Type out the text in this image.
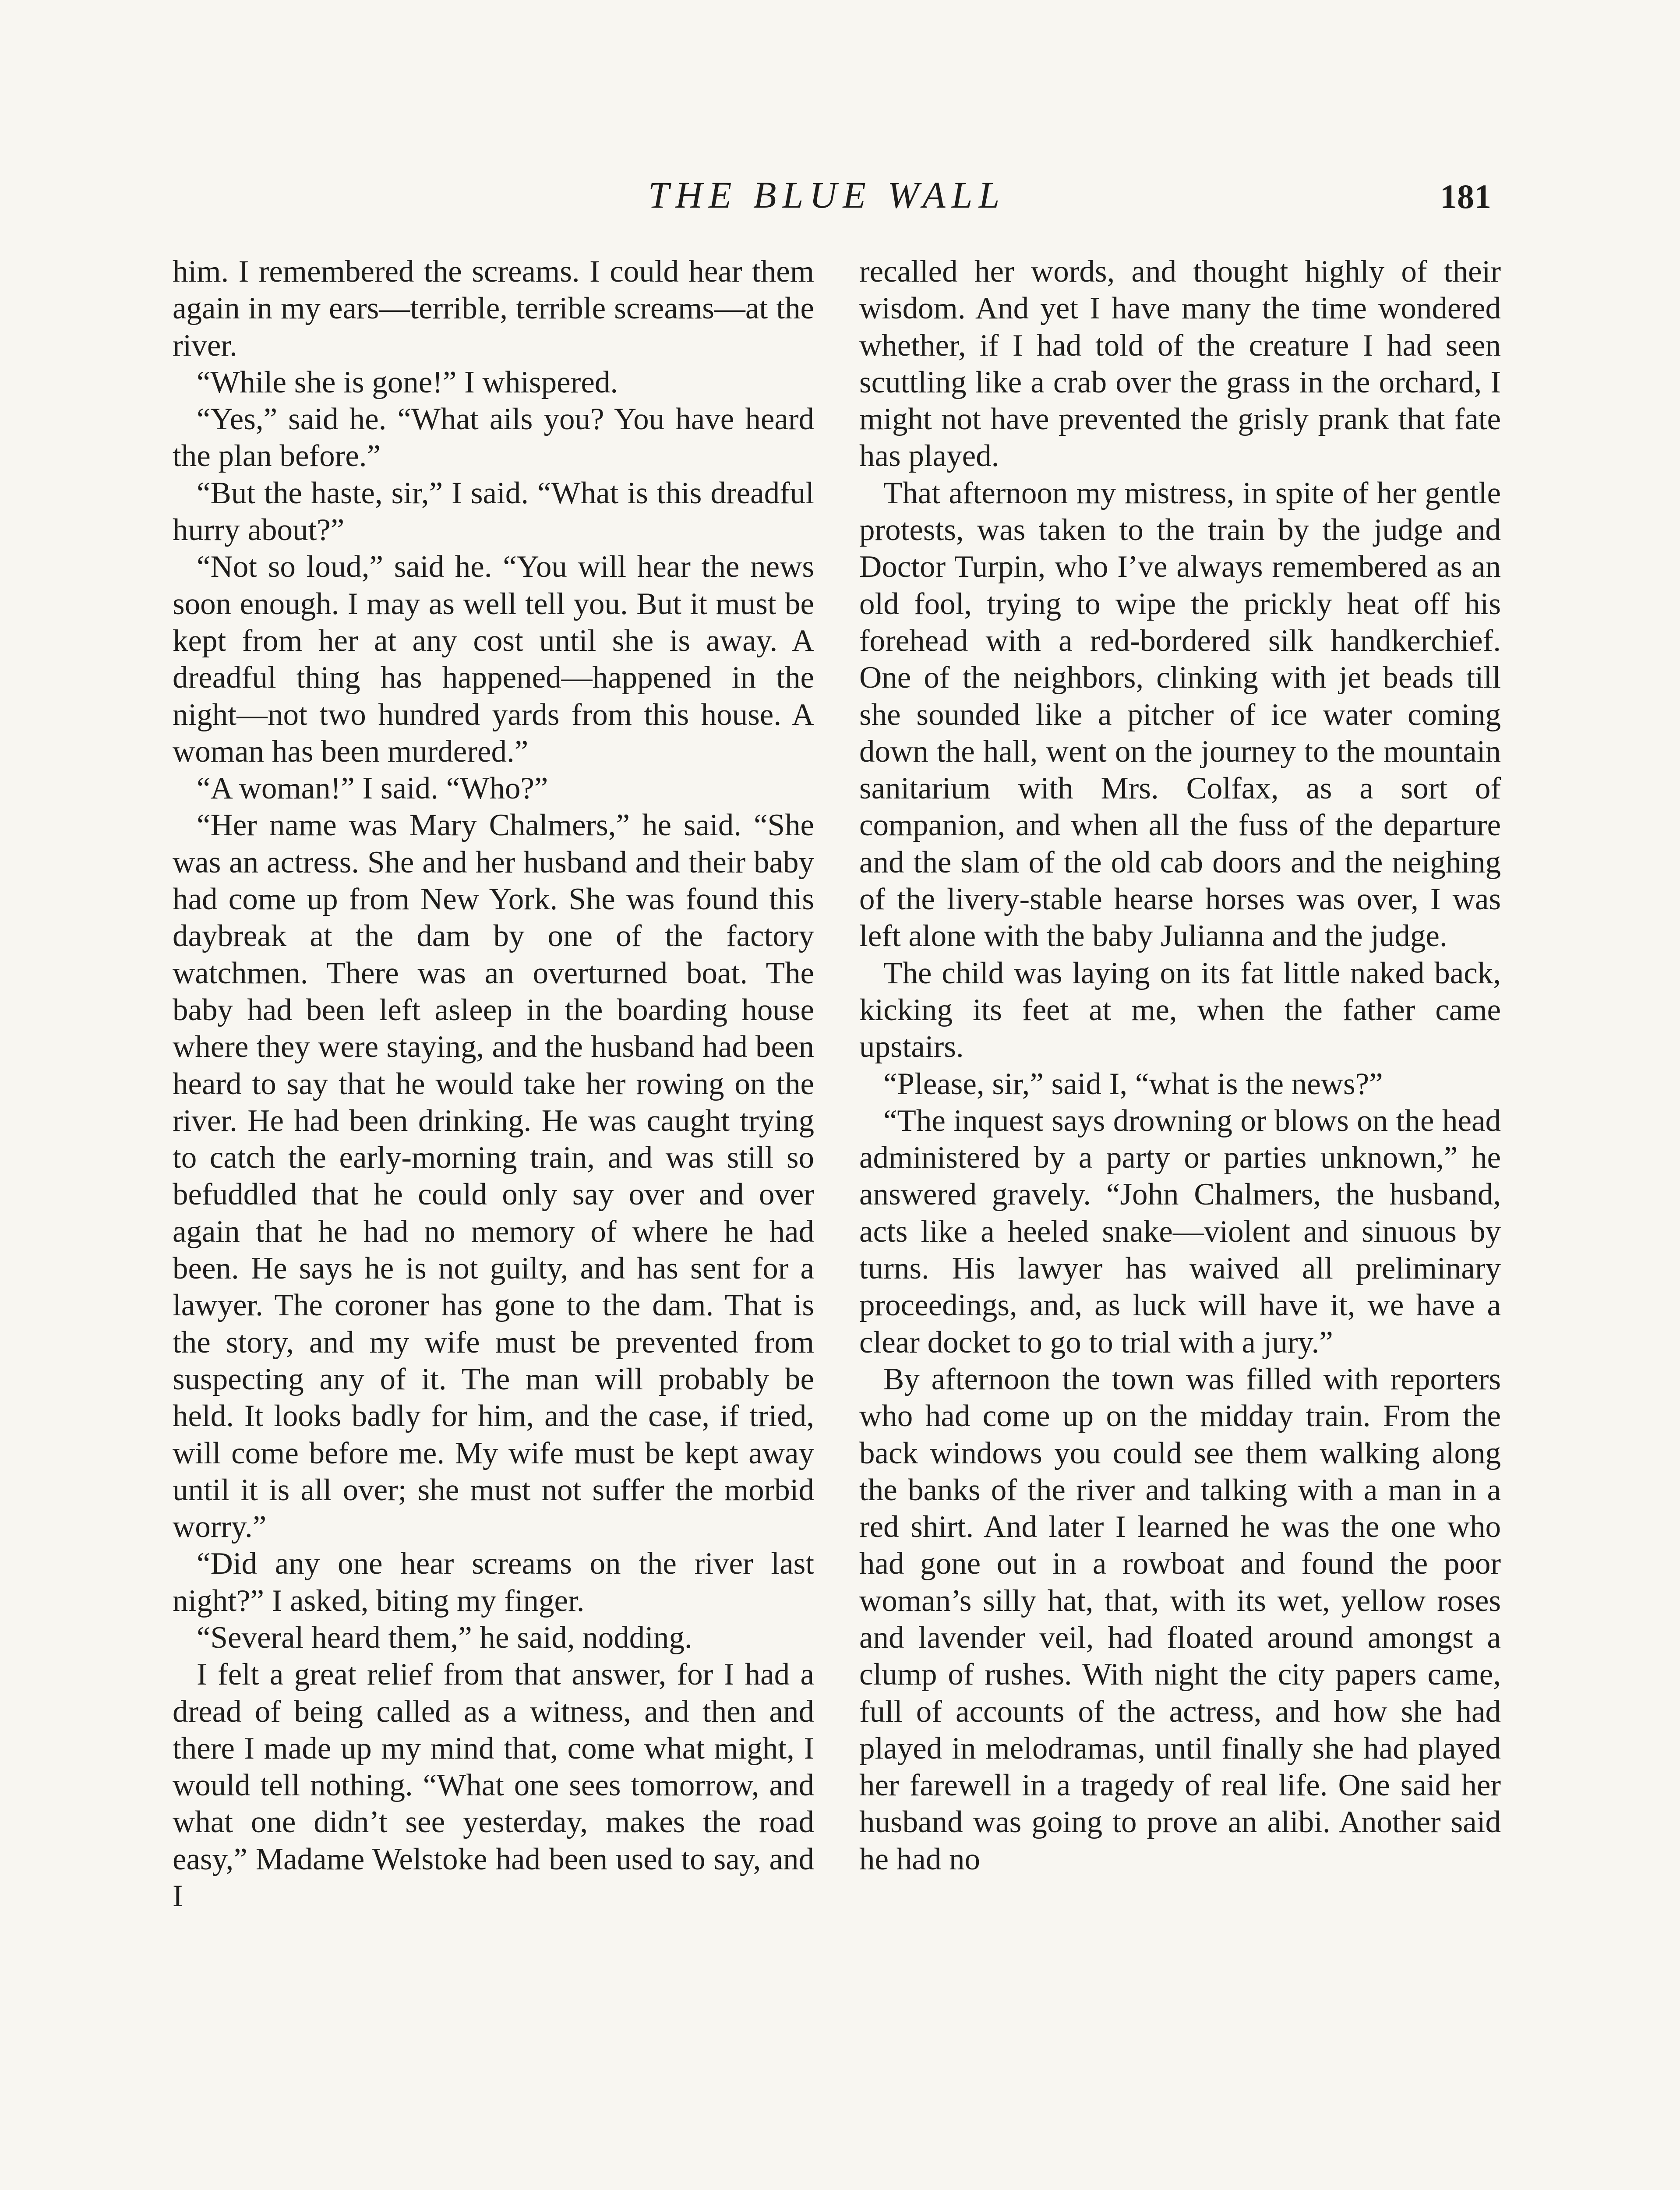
THE BLUE WALL	181

him. I remembered the screams. I could hear them again in my ears—terrible, terrible screams—at the river.

“While she is gone!” I whispered.

“Yes,” said he. “What ails you? You have heard the plan before.”

“But the haste, sir,” I said. “What is this dreadful hurry about?”

“Not so loud,” said he. “You will hear the news soon enough. I may as well tell you. But it must be kept from her at any cost until she is away. A dreadful thing has happened—happened in the night—not two hundred yards from this house. A woman has been murdered.”

“A woman!” I said. “Who?”

“Her name was Mary Chalmers,” he said. “She was an actress. She and her husband and their baby had come up from New York. She was found this daybreak at the dam by one of the factory watchmen. There was an overturned boat. The baby had been left asleep in the boarding house where they were staying, and the husband had been heard to say that he would take her rowing on the river. He had been drinking. He was caught trying to catch the early-morning train, and was still so befuddled that he could only say over and over again that he had no memory of where he had been. He says he is not guilty, and has sent for a lawyer. The coroner has gone to the dam. That is the story, and my wife must be prevented from suspecting any of it. The man will probably be held. It looks badly for him, and the case, if tried, will come before me. My wife must be kept away until it is all over; she must not suffer the morbid worry.”

“Did any one hear screams on the river last night?” I asked, biting my finger.

“Several heard them,” he said, nodding.

I felt a great relief from that answer, for I had a dread of being called as a witness, and then and there I made up my mind that, come what might, I would tell nothing. “What one sees tomorrow, and what one didn’t see yesterday, makes the road easy,” Madame Welstoke had been used to say, and I

recalled her words, and thought highly of their wisdom. And yet I have many the time wondered whether, if I had told of the creature I had seen scuttling like a crab over the grass in the orchard, I might not have prevented the grisly prank that fate has played.

That afternoon my mistress, in spite of her gentle protests, was taken to the train by the judge and Doctor Turpin, who I’ve always remembered as an old fool, trying to wipe the prickly heat off his forehead with a red-bordered silk handkerchief. One of the neighbors, clinking with jet beads till she sounded like a pitcher of ice water coming down the hall, went on the journey to the mountain sanitarium with Mrs. Colfax, as a sort of companion, and when all the fuss of the departure and the slam of the old cab doors and the neighing of the livery-stable hearse horses was over, I was left alone with the baby Julianna and the judge.

The child was laying on its fat little naked back, kicking its feet at me, when the father came upstairs.

“Please, sir,” said I, “what is the news?”

“The inquest says drowning or blows on the head administered by a party or parties unknown,” he answered gravely. “John Chalmers, the husband, acts like a heeled snake—violent and sinuous by turns. His lawyer has waived all preliminary proceedings, and, as luck will have it, we have a clear docket to go to trial with a jury.”

By afternoon the town was filled with reporters who had come up on the midday train. From the back windows you could see them walking along the banks of the river and talking with a man in a red shirt. And later I learned he was the one who had gone out in a rowboat and found the poor woman’s silly hat, that, with its wet, yellow roses and lavender veil, had floated around amongst a clump of rushes. With night the city papers came, full of accounts of the actress, and how she had played in melodramas, until finally she had played her farewell in a tragedy of real life. One said her husband was going to prove an alibi. Another said he had no
